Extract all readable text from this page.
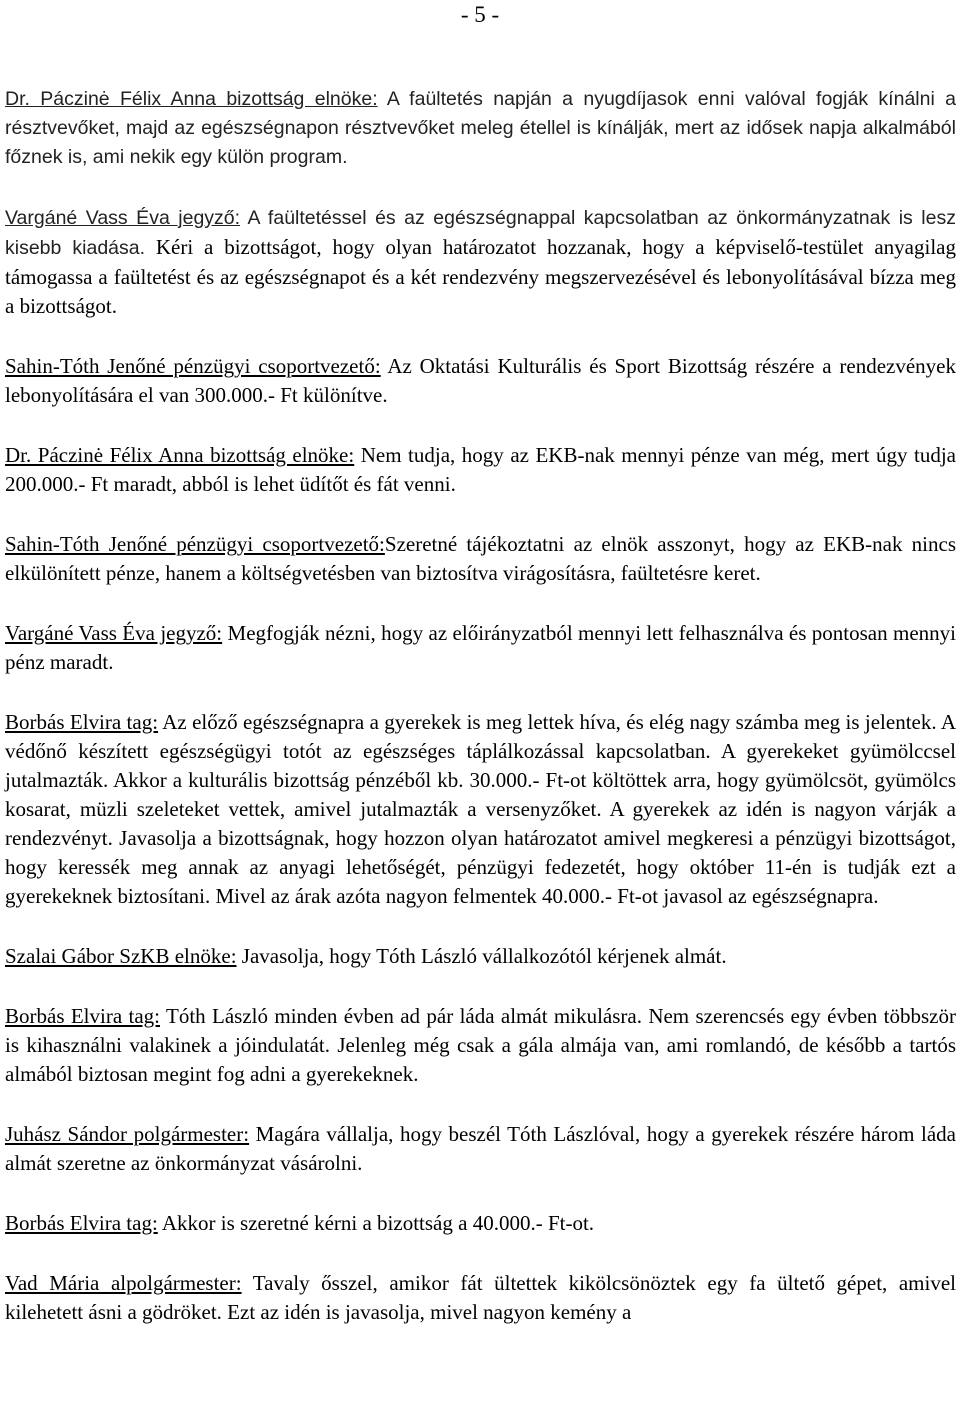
- 5 -

Dr. Páczinė Félix Anna bizottság elnöke: A faültetés napján a nyugdíjasok enni valóval fogják kínálni a résztvevőket, majd az egészségnapon résztvevőket meleg étellel is kínálják, mert az idősek napja alkalmából főznek is, ami nekik egy külön program.

Vargáné Vass Éva jegyző: A faültetéssel és az egészségnappal kapcsolatban az önkormányzatnak is lesz kisebb kiadása. Kéri a bizottságot, hogy olyan határozatot hozzanak, hogy a képviselő-testület anyagilag támogassa a faültetést és az egészségnapot és a két rendezvény megszervezésével és lebonyolításával bízza meg a bizottságot.

Sahin-Tóth Jenőné pénzügyi csoportvezető: Az Oktatási Kulturális és Sport Bizottság részére a rendezvények lebonyolítására el van 300.000.- Ft különítve.

Dr. Páczinė Félix Anna bizottság elnöke: Nem tudja, hogy az EKB-nak mennyi pénze van még, mert úgy tudja 200.000.- Ft maradt, abból is lehet üdítőt és fát venni.

Sahin-Tóth Jenőné pénzügyi csoportvezető:Szeretné tájékoztatni az elnök asszonyt, hogy az EKB-nak nincs elkülönített pénze, hanem a költségvetésben van biztosítva virágosításra, faültetésre keret.

Vargáné Vass Éva jegyző: Megfogják nézni, hogy az előirányzatból mennyi lett felhasználva és pontosan mennyi pénz maradt.

Borbás Elvira tag: Az előző egészségnapra a gyerekek is meg lettek híva, és elég nagy számba meg is jelentek. A védőnő készített egészségügyi totót az egészséges táplálkozással kapcsolatban. A gyerekeket gyümölccsel jutalmazták. Akkor a kulturális bizottság pénzéből kb. 30.000.- Ft-ot költöttek arra, hogy gyümölcsöt, gyümölcs kosarat, müzli szeleteket vettek, amivel jutalmazták a versenyzőket. A gyerekek az idén is nagyon várják a rendezvényt. Javasolja a bizottságnak, hogy hozzon olyan határozatot amivel megkeresi a pénzügyi bizottságot, hogy keressék meg annak az anyagi lehetőségét, pénzügyi fedezetét, hogy október 11-én is tudják ezt a gyerekeknek biztosítani. Mivel az árak azóta nagyon felmentek 40.000.- Ft-ot javasol az egészségnapra.

Szalai Gábor SzKB elnöke: Javasolja, hogy Tóth László vállalkozótól kérjenek almát.

Borbás Elvira tag: Tóth László minden évben ad pár láda almát mikulásra. Nem szerencsés egy évben többször is kihasználni valakinek a jóindulatát. Jelenleg még csak a gála almája van, ami romlandó, de később a tartós almából biztosan megint fog adni a gyerekeknek.

Juhász Sándor polgármester: Magára vállalja, hogy beszél Tóth Lászlóval, hogy a gyerekek részére három láda almát szeretne az önkormányzat vásárolni.

Borbás Elvira tag: Akkor is szeretné kérni a bizottság a 40.000.- Ft-ot.

Vad Mária alpolgármester: Tavaly ősszel, amikor fát ültettek kikölcsönöztek egy fa ültető gépet, amivel kilehetett ásni a gödröket. Ezt az idén is javasolja, mivel nagyon kemény a
